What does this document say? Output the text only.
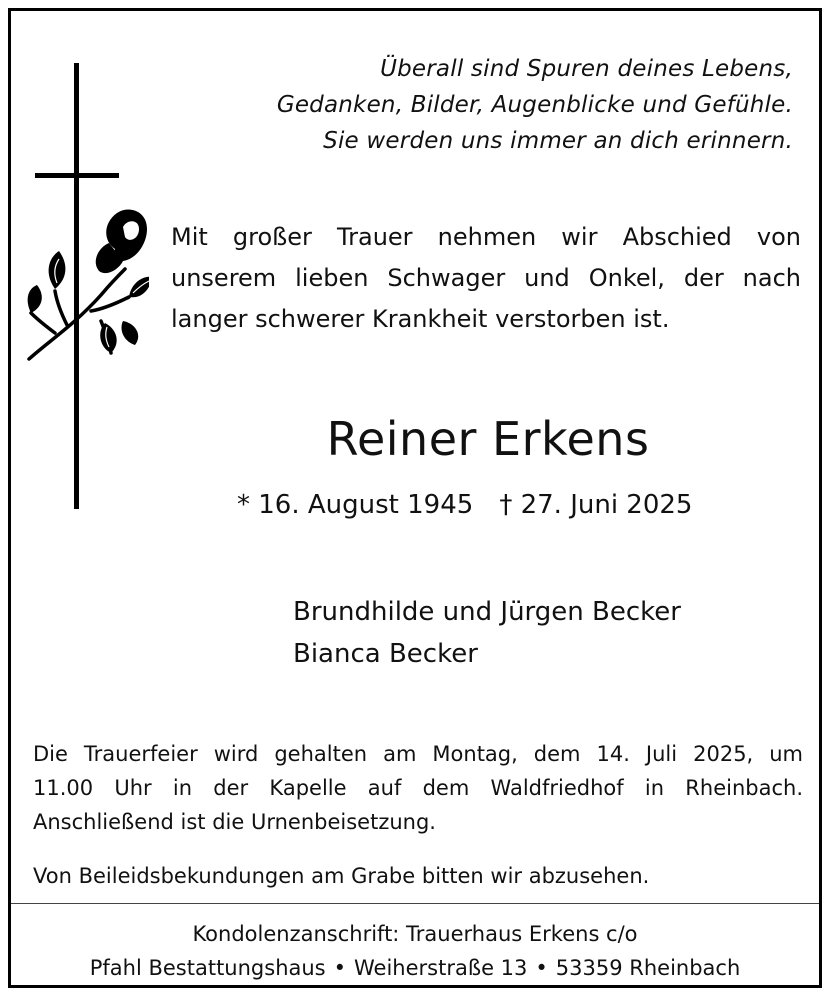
Überall sind Spuren deines Lebens,
Gedanken, Bilder, Augenblicke und Gefühle.
Sie werden uns immer an dich erinnern.
Mit großer Trauer nehmen wir Abschied von
unserem lieben Schwager und Onkel, der nach
langer schwerer Krankheit verstorben ist.
Reiner Erkens
* 16. August 1945 † 27. Juni 2025
Brundhilde und Jürgen Becker
Bianca Becker
Die Trauerfeier wird gehalten am Montag, dem 14. Juli 2025, um
11.00 Uhr in der Kapelle auf dem Waldfriedhof in Rheinbach.
Anschließend ist die Urnenbeisetzung.
Von Beileidsbekundungen am Grabe bitten wir abzusehen.
Kondolenzanschrift: Trauerhaus Erkens c/o
Pfahl Bestattungshaus • Weiherstraße 13 • 53359 Rheinbach
